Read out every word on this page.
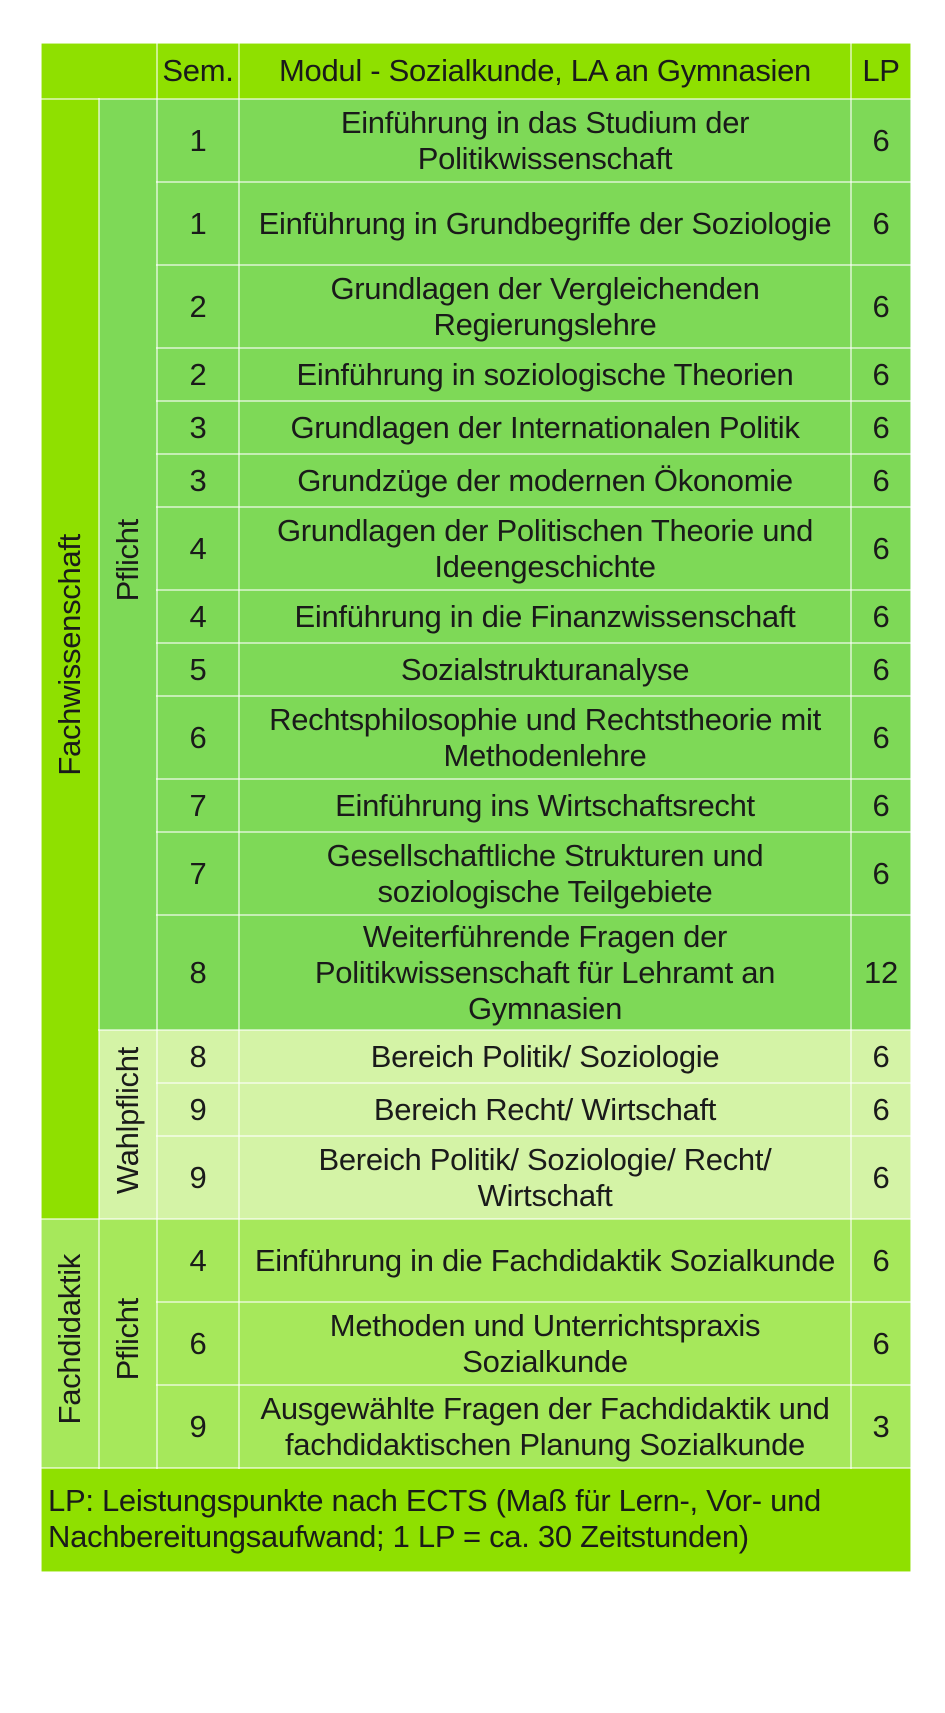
		Sem.	Modul - Sozialkunde, LA an Gymnasien	LP
Fachwissenschaft	Pflicht	1	Einführung in das Studium der Politikwissenschaft	6
		1	Einführung in Grundbegriffe der Soziologie	6
		2	Grundlagen der Vergleichenden Regierungslehre	6
		2	Einführung in soziologische Theorien	6
		3	Grundlagen der Internationalen Politik	6
		3	Grundzüge der modernen Ökonomie	6
		4	Grundlagen der Politischen Theorie und Ideengeschichte	6
		4	Einführung in die Finanzwissenschaft	6
		5	Sozialstrukturanalyse	6
		6	Rechtsphilosophie und Rechtstheorie mit Methodenlehre	6
		7	Einführung ins Wirtschaftsrecht	6
		7	Gesellschaftliche Strukturen und soziologische Teilgebiete	6
		8	Weiterführende Fragen der Politikwissenschaft für Lehramt an Gymnasien	12
	Wahlpflicht	8	Bereich Politik/ Soziologie	6
		9	Bereich Recht/ Wirtschaft	6
		9	Bereich Politik/ Soziologie/ Recht/ Wirtschaft	6
Fachdidaktik	Pflicht	4	Einführung in die Fachdidaktik Sozialkunde	6
		6	Methoden und Unterrichtspraxis Sozialkunde	6
		9	Ausgewählte Fragen der Fachdidaktik und fachdidaktischen Planung Sozialkunde	3
LP: Leistungspunkte nach ECTS (Maß für Lern-, Vor- und Nachbereitungsaufwand; 1 LP = ca. 30 Zeitstunden)				
